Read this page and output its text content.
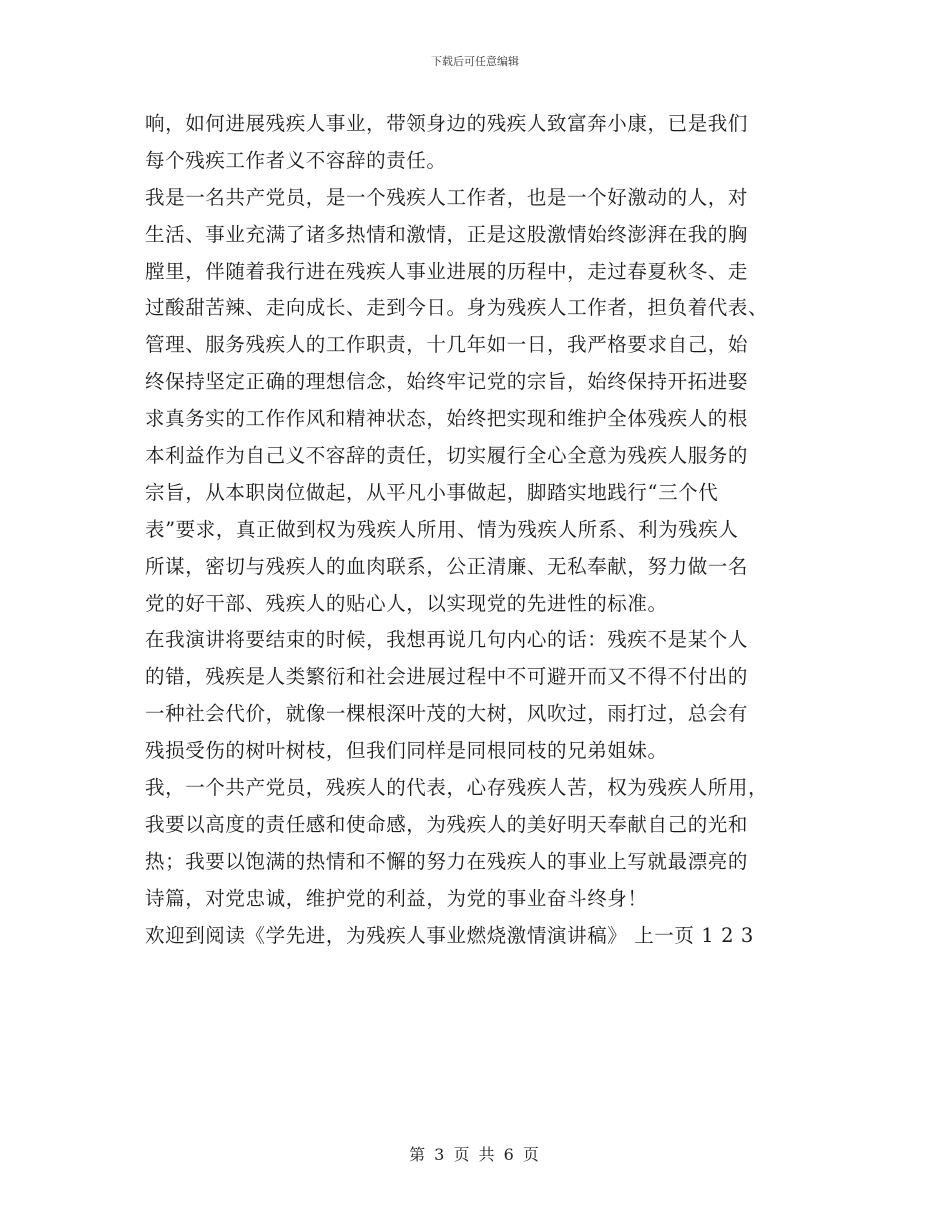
下载后可任意编辑
响，如何进展残疾人事业，带领身边的残疾人致富奔小康，已是我们
每个残疾工作者义不容辞的责任。
我是一名共产党员，是一个残疾人工作者，也是一个好激动的人，对
生活、事业充满了诸多热情和激情，正是这股激情始终澎湃在我的胸
膛里，伴随着我行进在残疾人事业进展的历程中，走过春夏秋冬、走
过酸甜苦辣、走向成长、走到今日。身为残疾人工作者，担负着代表、
管理、服务残疾人的工作职责，十几年如一日，我严格要求自己，始
终保持坚定正确的理想信念，始终牢记党的宗旨，始终保持开拓进娶
求真务实的工作作风和精神状态，始终把实现和维护全体残疾人的根
本利益作为自己义不容辞的责任，切实履行全心全意为残疾人服务的
宗旨，从本职岗位做起，从平凡小事做起，脚踏实地践行“三个代
表”要求，真正做到权为残疾人所用、情为残疾人所系、利为残疾人
所谋，密切与残疾人的血肉联系，公正清廉、无私奉献，努力做一名
党的好干部、残疾人的贴心人，以实现党的先进性的标准。
在我演讲将要结束的时候，我想再说几句内心的话：残疾不是某个人
的错，残疾是人类繁衍和社会进展过程中不可避开而又不得不付出的
一种社会代价，就像一棵根深叶茂的大树，风吹过，雨打过，总会有
残损受伤的树叶树枝，但我们同样是同根同枝的兄弟姐妹。
我，一个共产党员，残疾人的代表，心存残疾人苦，权为残疾人所用，
我要以高度的责任感和使命感，为残疾人的美好明天奉献自己的光和
热；我要以饱满的热情和不懈的努力在残疾人的事业上写就最漂亮的
诗篇，对党忠诚，维护党的利益，为党的事业奋斗终身！
欢迎到阅读《学先进，为残疾人事业燃烧激情演讲稿》 上一页 1 2 3
第 3 页 共 6 页
